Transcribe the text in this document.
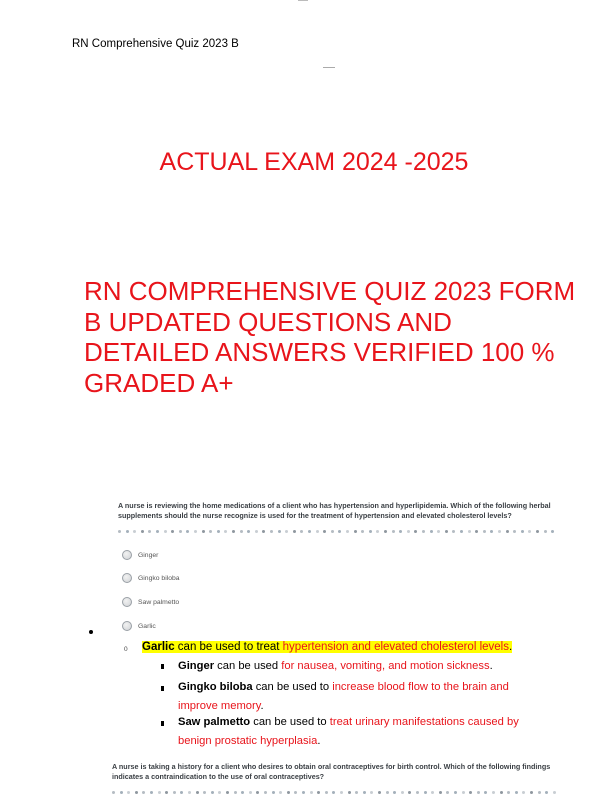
RN Comprehensive Quiz 2023 B
ACTUAL EXAM 2024 -2025
RN COMPREHENSIVE QUIZ 2023 FORM B UPDATED QUESTIONS AND DETAILED ANSWERS VERIFIED 100 % GRADED A+
A nurse is reviewing the home medications of a client who has hypertension and hyperlipidemia. Which of the following herbal supplements should the nurse recognize is used for the treatment of hypertension and elevated cholesterol levels?
Ginger
Gingko biloba
Saw palmetto
Garlic
0 Garlic can be used to treat hypertension and elevated cholesterol levels.
Ginger can be used for nausea, vomiting, and motion sickness.
Gingko biloba can be used to increase blood flow to the brain and improve memory.
Saw palmetto can be used to treat urinary manifestations caused by benign prostatic hyperplasia.
A nurse is taking a history for a client who desires to obtain oral contraceptives for birth control. Which of the following findings indicates a contraindication to the use of oral contraceptives?
